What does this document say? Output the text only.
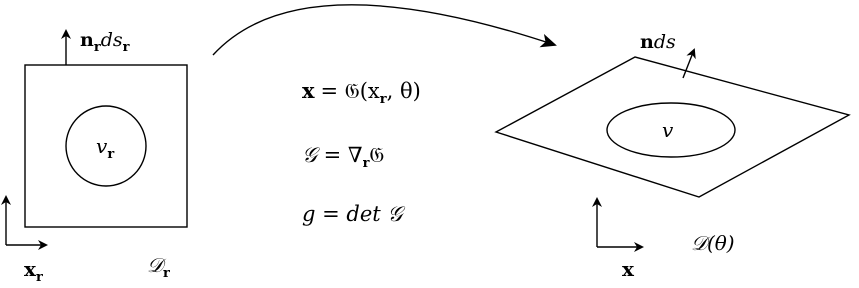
$n_rds_r$
$v_r$
$x_r$
𝒟$_r$
$x = 𝔊(x_r$, θ)
𝒢 = $\nabla_r𝔊$
g = det 𝒢
nds
v
x
𝒟(θ)
